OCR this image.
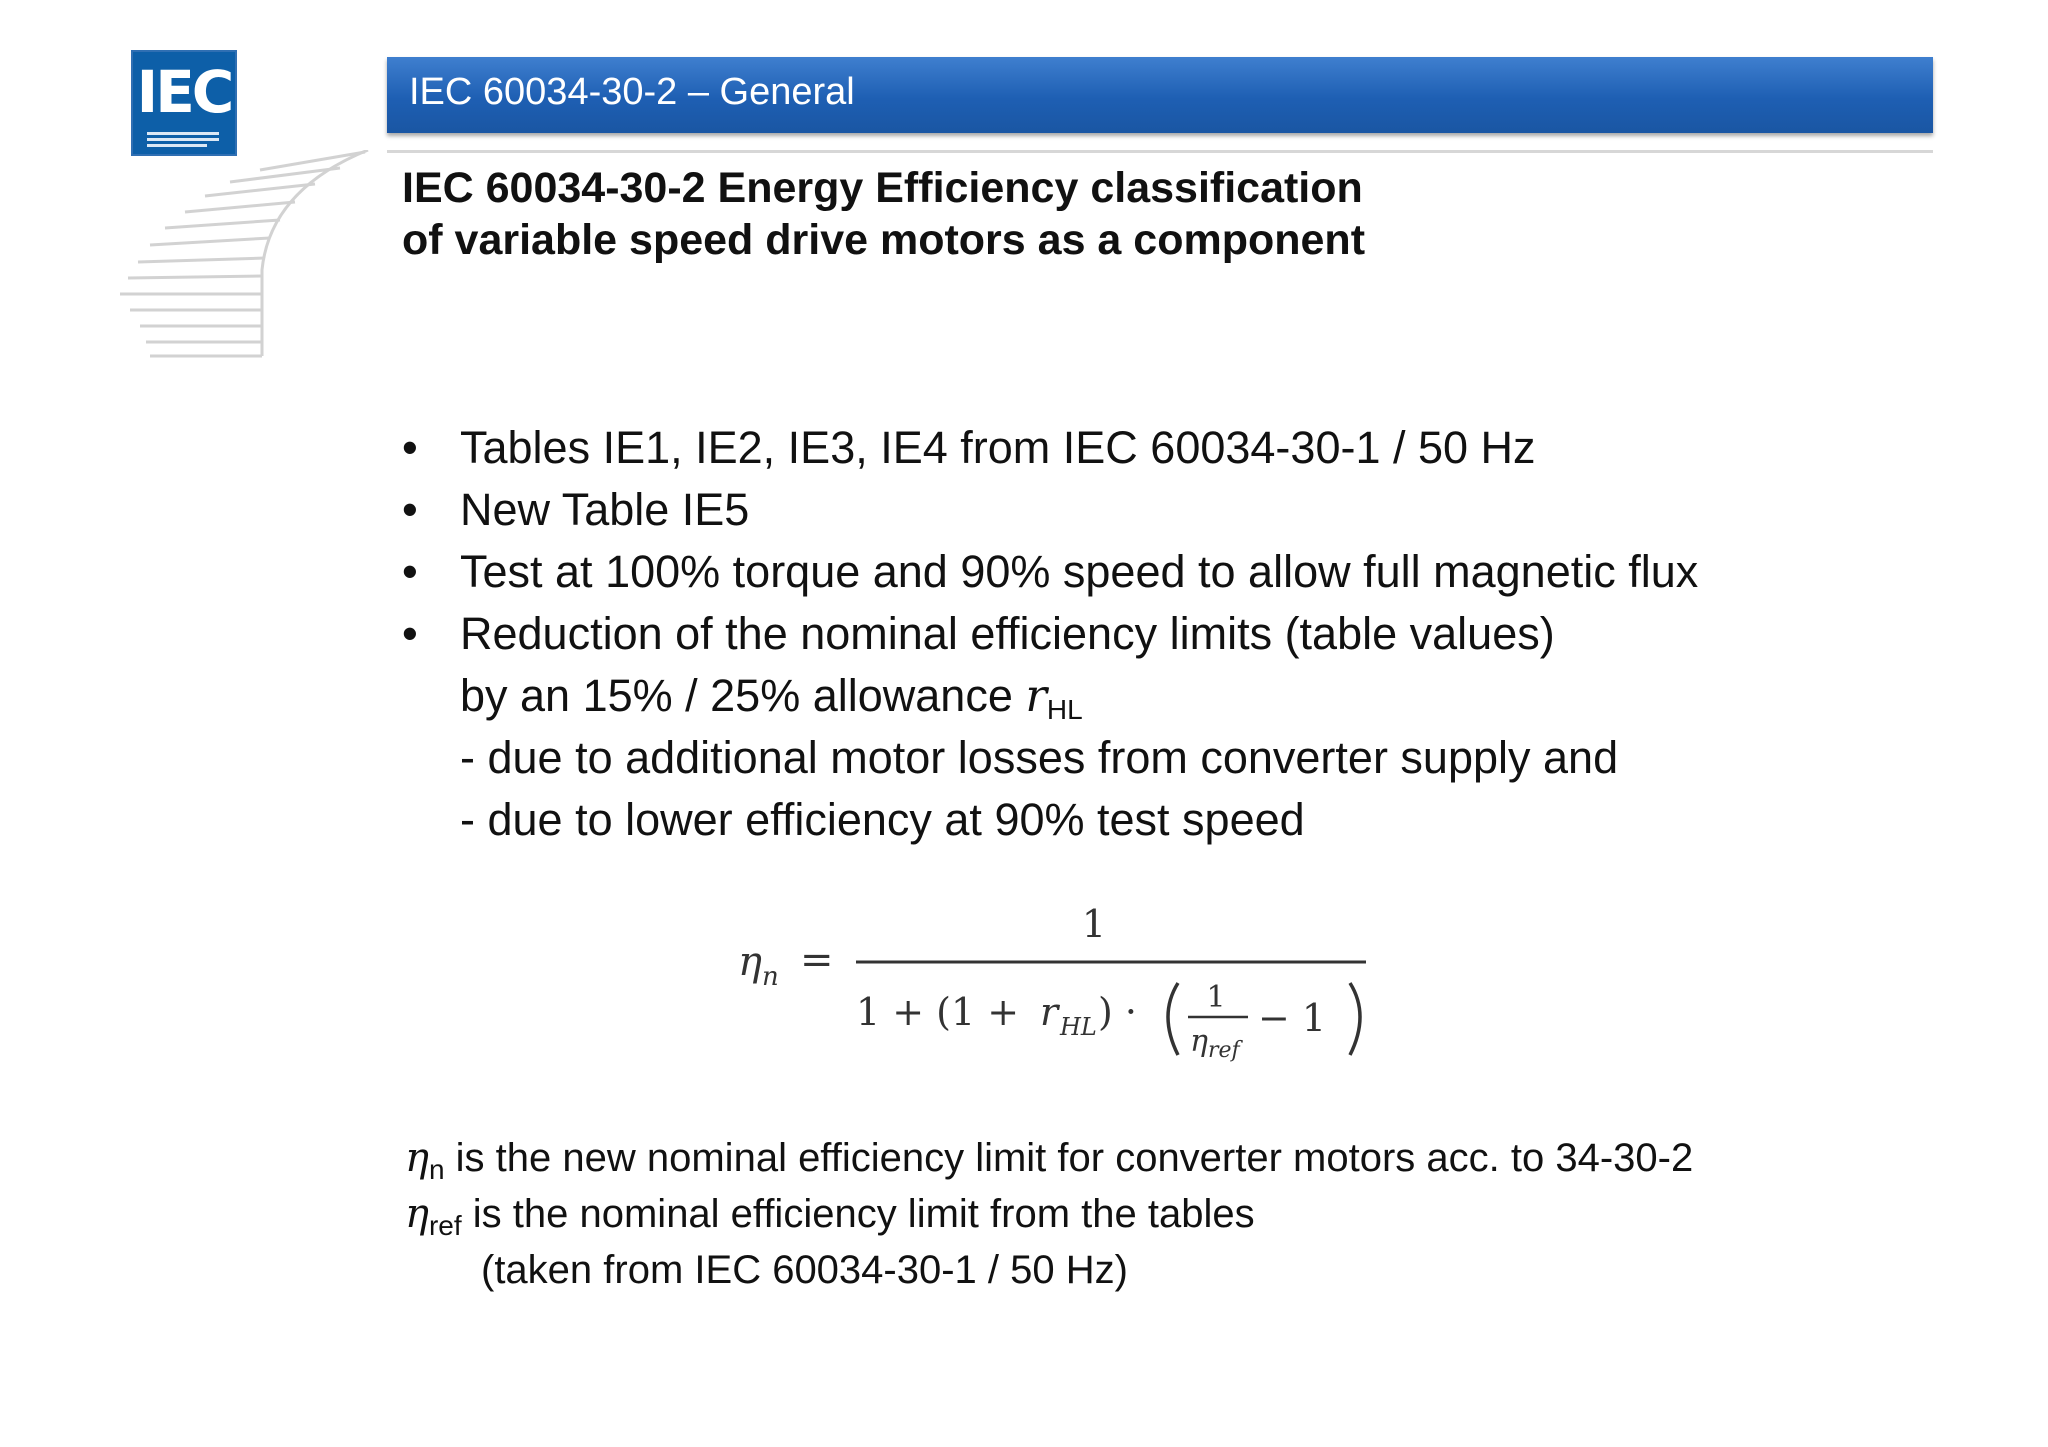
IEC	IEC 60034-30-2 – General
IEC 60034-30-2 Energy Efficiency classification
of variable speed drive motors as a component
• Tables IE1, IE2, IE3, IE4 from IEC 60034-30-1 / 50 Hz
• New Table IE5
• Test at 100% torque and 90% speed to allow full magnetic flux
• Reduction of the nominal efficiency limits (table values)
by an 15% / 25% allowance $r_{HL}$
- due to additional motor losses from converter supply and
- due to lower efficiency at 90% test speed
η n =
1
1 + (1 + r HL ) · 1
η ref
− 1
$\eta_n$ is the new nominal efficiency limit for converter motors acc. to 34-30-2
$\eta_{ref}$ is the nominal efficiency limit from the tables
(taken from IEC 60034-30-1 / 50 Hz)
